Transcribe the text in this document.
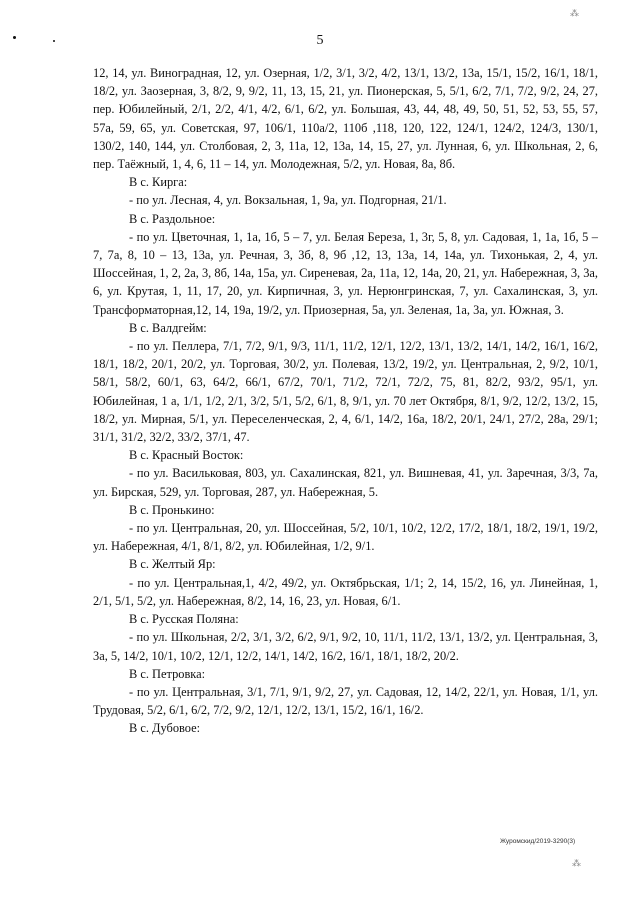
⁂
5

12, 14, ул. Виноградная, 12, ул. Озерная, 1/2, 3/1, 3/2, 4/2, 13/1, 13/2, 13а, 15/1, 15/2, 16/1, 18/1, 18/2, ул. Заозерная, 3, 8/2, 9, 9/2, 11, 13, 15, 21, ул. Пионерская, 5, 5/1, 6/2, 7/1, 7/2, 9/2, 24, 27, пер. Юбилейный, 2/1, 2/2, 4/1, 4/2, 6/1, 6/2, ул. Большая, 43, 44, 48, 49, 50, 51, 52, 53, 55, 57, 57а, 59, 65, ул. Советская, 97, 106/1, 110а/2, 110б ,118, 120, 122, 124/1, 124/2, 124/3, 130/1, 130/2, 140, 144, ул. Столбовая, 2, 3, 11а, 12, 13а, 14, 15, 27, ул. Лунная, 6, ул. Школьная, 2, 6, пер. Таёжный, 1, 4, 6, 11 – 14, ул. Молодежная, 5/2, ул. Новая, 8а, 8б.

В с. Кирга:

- по ул. Лесная, 4, ул. Вокзальная, 1, 9а, ул. Подгорная, 21/1.

В с. Раздольное:

- по ул. Цветочная, 1, 1а, 1б, 5 – 7, ул. Белая Береза, 1, 3г, 5, 8, ул. Садовая, 1, 1а, 1б, 5 – 7, 7а, 8, 10 – 13, 13а, ул. Речная, 3, 3б, 8, 9б ,12, 13, 13а, 14, 14а, ул. Тихонькая, 2, 4, ул. Шоссейная, 1, 2, 2а, 3, 8б, 14а, 15а, ул. Сиреневая, 2а, 11а, 12, 14а, 20, 21, ул. Набережная, 3, 3а, 6, ул. Крутая, 1, 11, 17, 20, ул. Кирпичная, 3, ул. Нерюнгринская, 7, ул. Сахалинская, 3, ул. Трансформаторная,12, 14, 19а, 19/2, ул. Приозерная, 5а, ул. Зеленая, 1а, 3а, ул. Южная, 3.

В с. Валдгейм:

- по ул. Пеллера, 7/1, 7/2, 9/1, 9/3, 11/1, 11/2, 12/1, 12/2, 13/1, 13/2, 14/1, 14/2, 16/1, 16/2, 18/1, 18/2, 20/1, 20/2, ул. Торговая, 30/2, ул. Полевая, 13/2, 19/2, ул. Центральная, 2, 9/2, 10/1, 58/1, 58/2, 60/1, 63, 64/2, 66/1, 67/2, 70/1, 71/2, 72/1, 72/2, 75, 81, 82/2, 93/2, 95/1, ул. Юбилейная, 1 а, 1/1, 1/2, 2/1, 3/2, 5/1, 5/2, 6/1, 8, 9/1, ул. 70 лет Октября, 8/1, 9/2, 12/2, 13/2, 15, 18/2, ул. Мирная, 5/1, ул. Переселенческая, 2, 4, 6/1, 14/2, 16а, 18/2, 20/1, 24/1, 27/2, 28а, 29/1; 31/1, 31/2, 32/2, 33/2, 37/1, 47.

В с. Красный Восток:

- по ул. Васильковая, 803, ул. Сахалинская, 821, ул. Вишневая, 41, ул. Заречная, 3/3, 7а, ул. Бирская, 529, ул. Торговая, 287, ул. Набережная, 5.

В с. Пронькино:

- по ул. Центральная, 20, ул. Шоссейная, 5/2, 10/1, 10/2, 12/2, 17/2, 18/1, 18/2, 19/1, 19/2, ул. Набережная, 4/1, 8/1, 8/2, ул. Юбилейная, 1/2, 9/1.

В с. Желтый Яр:

- по ул. Центральная,1, 4/2, 49/2, ул. Октябрьская, 1/1; 2, 14, 15/2, 16, ул. Линейная, 1, 2/1, 5/1, 5/2, ул. Набережная, 8/2, 14, 16, 23, ул. Новая, 6/1.

В с. Русская Поляна:

- по ул. Школьная, 2/2, 3/1, 3/2, 6/2, 9/1, 9/2, 10, 11/1, 11/2, 13/1, 13/2, ул. Центральная, 3, 3а, 5, 14/2, 10/1, 10/2, 12/1, 12/2, 14/1, 14/2, 16/2, 16/1, 18/1, 18/2, 20/2.

В с. Петровка:

- по ул. Центральная, 3/1, 7/1, 9/1, 9/2, 27, ул. Садовая, 12, 14/2, 22/1, ул. Новая, 1/1, ул. Трудовая, 5/2, 6/1, 6/2, 7/2, 9/2, 12/1, 12/2, 13/1, 15/2, 16/1, 16/2.

В с. Дубовое:

Журомскид/2019-3290(3)
⁂
